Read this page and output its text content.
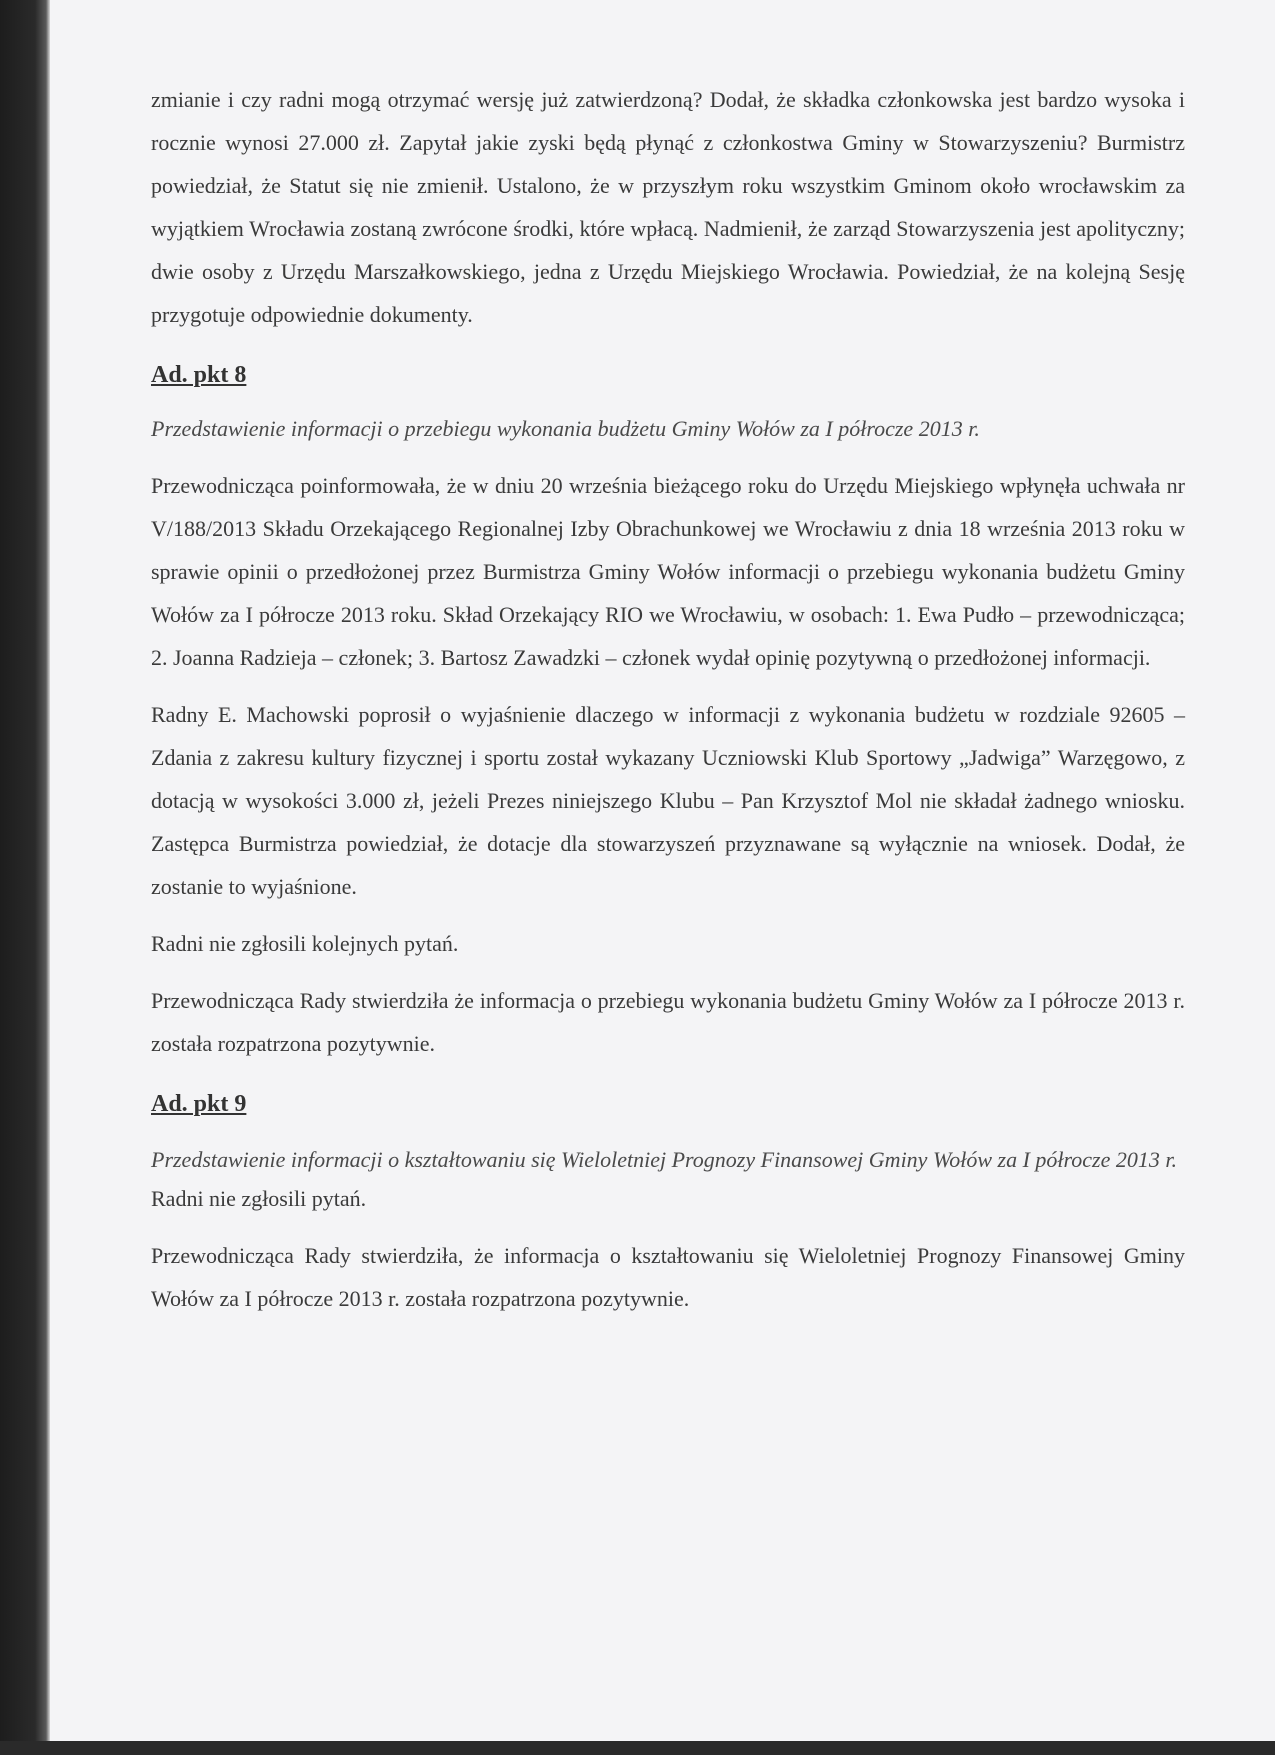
zmianie i czy radni mogą otrzymać wersję już zatwierdzoną? Dodał, że składka członkowska jest bardzo wysoka i rocznie wynosi 27.000 zł. Zapytał jakie zyski będą płynąć z członkostwa Gminy w Stowarzyszeniu? Burmistrz powiedział, że Statut się nie zmienił. Ustalono, że w przyszłym roku wszystkim Gminom około wrocławskim za wyjątkiem Wrocławia zostaną zwrócone środki, które wpłacą. Nadmienił, że zarząd Stowarzyszenia jest apolityczny; dwie osoby z Urzędu Marszałkowskiego, jedna z Urzędu Miejskiego Wrocławia. Powiedział, że na kolejną Sesję przygotuje odpowiednie dokumenty.

Ad. pkt 8

Przedstawienie informacji o przebiegu wykonania budżetu Gminy Wołów za I półrocze 2013 r.

Przewodnicząca poinformowała, że w dniu 20 września bieżącego roku do Urzędu Miejskiego wpłynęła uchwała nr V/188/2013 Składu Orzekającego Regionalnej Izby Obrachunkowej we Wrocławiu z dnia 18 września 2013 roku w sprawie opinii o przedłożonej przez Burmistrza Gminy Wołów informacji o przebiegu wykonania budżetu Gminy Wołów za I półrocze 2013 roku. Skład Orzekający RIO we Wrocławiu, w osobach: 1. Ewa Pudło – przewodnicząca; 2. Joanna Radziejа – członek; 3. Bartosz Zawadzki – członek wydał opinię pozytywną o przedłożonej informacji.

Radny E. Machowski poprosił o wyjaśnienie dlaczego w informacji z wykonania budżetu w rozdziale 92605 – Zdania z zakresu kultury fizycznej i sportu został wykazany Uczniowski Klub Sportowy „Jadwiga” Warzęgowo, z dotacją w wysokości 3.000 zł, jeżeli Prezes niniejszego Klubu – Pan Krzysztof Mol nie składał żadnego wniosku. Zastępca Burmistrza powiedział, że dotacje dla stowarzyszeń przyznawane są wyłącznie na wniosek. Dodał, że zostanie to wyjaśnione.

Radni nie zgłosili kolejnych pytań.

Przewodnicząca Rady stwierdziła że informacja o przebiegu wykonania budżetu Gminy Wołów za I półrocze 2013 r. została rozpatrzona pozytywnie.

Ad. pkt 9

Przedstawienie informacji o kształtowaniu się Wieloletniej Prognozy Finansowej Gminy Wołów za I półrocze 2013 r.

Radni nie zgłosili pytań.

Przewodnicząca Rady stwierdziła, że informacja o kształtowaniu się Wieloletniej Prognozy Finansowej Gminy Wołów za I półrocze 2013 r. została rozpatrzona pozytywnie.
